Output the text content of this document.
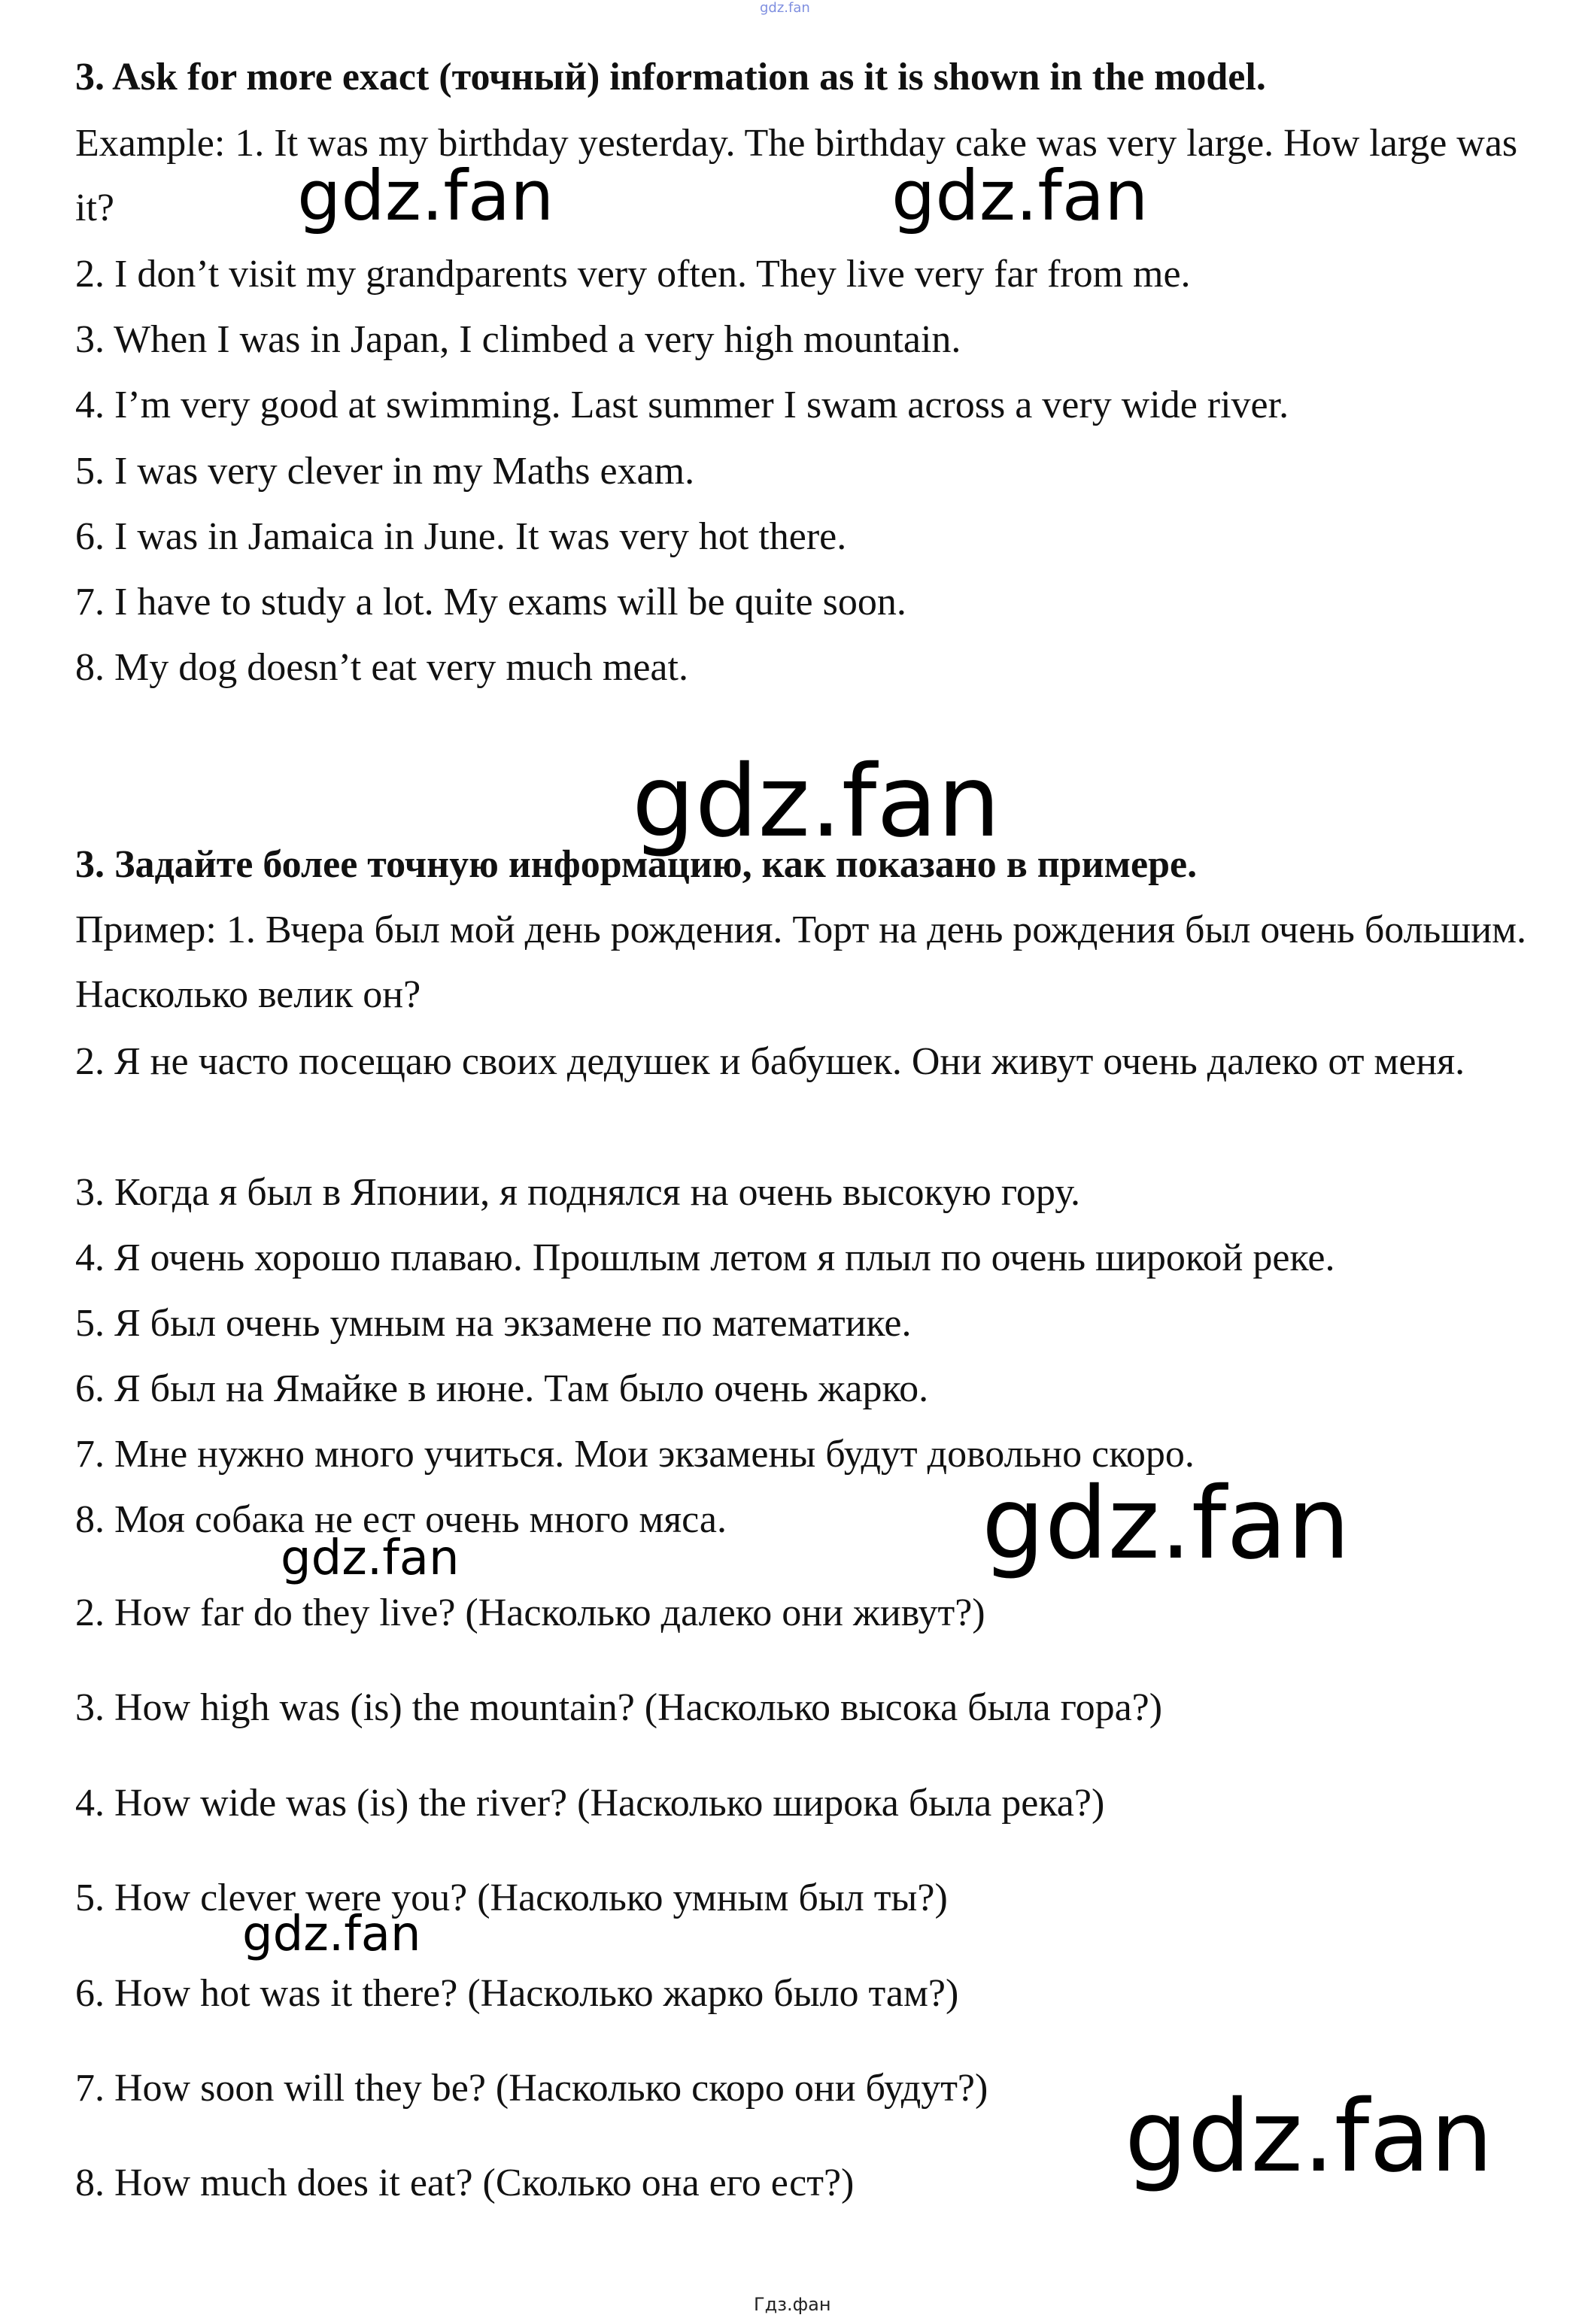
gdz.fan
3. Ask for more exact (точный) information as it is shown in the model.
Example: 1. It was my birthday yesterday. The birthday cake was very large. How large was it?
2. I don’t visit my grandparents very often. They live very far from me.
3. When I was in Japan, I climbed a very high mountain.
4. I’m very good at swimming. Last summer I swam across a very wide river.
5. I was very clever in my Maths exam.
6. I was in Jamaica in June. It was very hot there.
7. I have to study a lot. My exams will be quite soon.
8. My dog doesn’t eat very much meat.
gdz.fan	gdz.fan
gdz.fan
3. Задайте более точную информацию, как показано в примере.
Пример: 1. Вчера был мой день рождения. Торт на день рождения был очень большим. Насколько велик он?
2. Я не часто посещаю своих дедушек и бабушек. Они живут очень далеко от меня.
3. Когда я был в Японии, я поднялся на очень высокую гору.
4. Я очень хорошо плаваю. Прошлым летом я плыл по очень широкой реке.
5. Я был очень умным на экзамене по математике.
6. Я был на Ямайке в июне. Там было очень жарко.
7. Мне нужно много учиться. Мои экзамены будут довольно скоро.
8. Моя собака не ест очень много мяса.	gdz.fan
gdz.fan
2. How far do they live? (Насколько далеко они живут?)
3. How high was (is) the mountain? (Насколько высока была гора?)
4. How wide was (is) the river? (Насколько широка была река?)
5. How clever were you? (Насколько умным был ты?)
gdz.fan
6. How hot was it there? (Насколько жарко было там?)
7. How soon will they be? (Насколько скоро они будут?)
8. How much does it eat? (Сколько она его ест?)	gdz.fan
Гдз.фан
